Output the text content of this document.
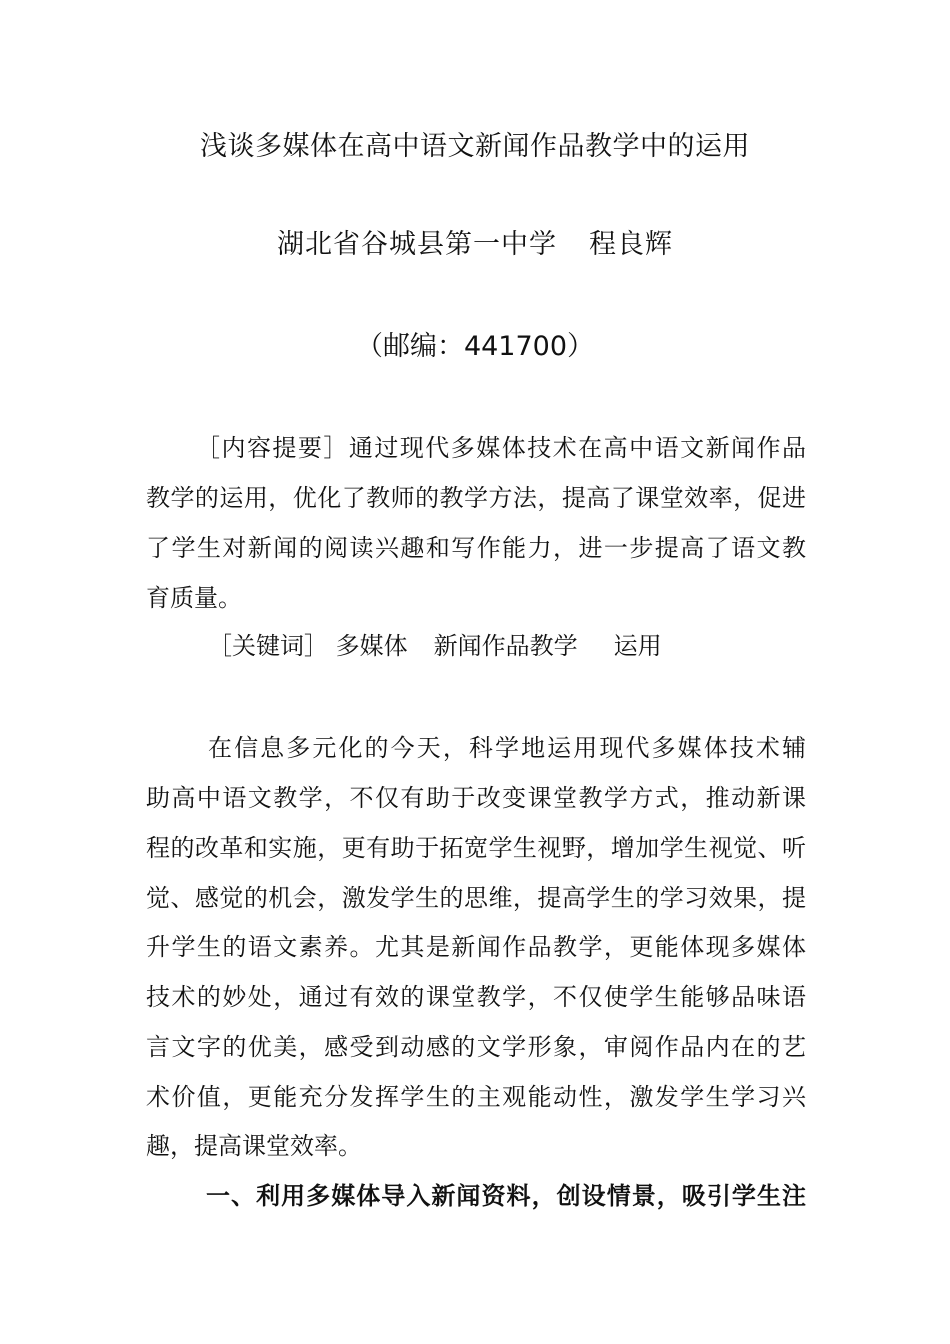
浅谈多媒体在高中语文新闻作品教学中的运用
湖北省谷城县第一中学 程良辉
（邮编：441700）
［内容提要］通过现代多媒体技术在高中语文新闻作品
教学的运用，优化了教师的教学方法，提高了课堂效率，促进
了学生对新闻的阅读兴趣和写作能力，进一步提高了语文教
育质量。
［关键词］ 多媒体 新闻作品教学 运用
在信息多元化的今天，科学地运用现代多媒体技术辅
助高中语文教学，不仅有助于改变课堂教学方式，推动新课
程的改革和实施，更有助于拓宽学生视野，增加学生视觉、听
觉、感觉的机会，激发学生的思维，提高学生的学习效果，提
升学生的语文素养。尤其是新闻作品教学，更能体现多媒体
技术的妙处，通过有效的课堂教学，不仅使学生能够品味语
言文字的优美，感受到动感的文学形象，审阅作品内在的艺
术价值，更能充分发挥学生的主观能动性，激发学生学习兴
趣，提高课堂效率。
一、利用多媒体导入新闻资料，创设情景，吸引学生注
